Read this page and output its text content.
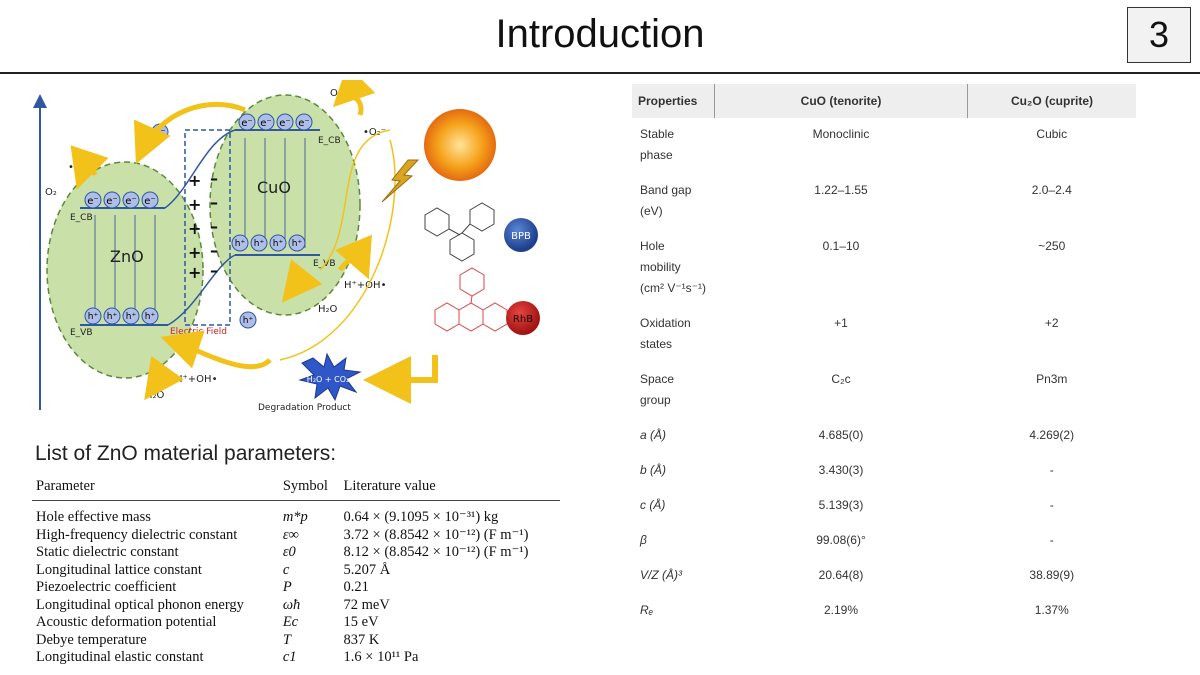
Introduction	3
Electric Field
e⁻ e⁻ e⁻ e⁻
e⁻ e⁻ e⁻ e⁻
e⁻
h⁺ h⁺ h⁺ h⁺
h⁺ h⁺ h⁺ h⁺
h⁺
+
+
+
+
+
–
–
–
–
–
ZnO
CuO
E_CB
E_CB
E_VB
E_VB
O₂
O₂
•O₂⁻
•O₂⁻
H₂O
H₂O
H⁺+OH•
H⁺+OH•
Degradation Product
BPB
RhB
H₂O + CO₂
List of ZnO material parameters:
Parameter	Symbol	Literature value
Hole effective mass	m*p	0.64 × (9.1095 × 10⁻³¹) kg
High-frequency dielectric constant	ε∞	3.72 × (8.8542 × 10⁻¹²) (F m⁻¹)
Static dielectric constant	ε0	8.12 × (8.8542 × 10⁻¹²) (F m⁻¹)
Longitudinal lattice constant	c	5.207 Å
Piezoelectric coefficient	P	0.21
Longitudinal optical phonon energy	ωħ	72 meV
Acoustic deformation potential	Ec	15 eV
Debye temperature	T	837 K
Longitudinal elastic constant	c1	1.6 × 10¹¹ Pa
Properties	CuO (tenorite)	Cu₂O (cuprite)
Stable phase	Monoclinic	Cubic
Band gap (eV)	1.22–1.55	2.0–2.4
Hole mobility (cm² V⁻¹s⁻¹)	0.1–10	~250
Oxidation states	+1	+2
Space group	C₂c	Pn3m
a (Å)	4.685(0)	4.269(2)
b (Å)	3.430(3)	-
c (Å)	5.139(3)	-
β	99.08(6)°	-
V/Z (Å)³	20.64(8)	38.89(9)
Rₑ	2.19%	1.37%
